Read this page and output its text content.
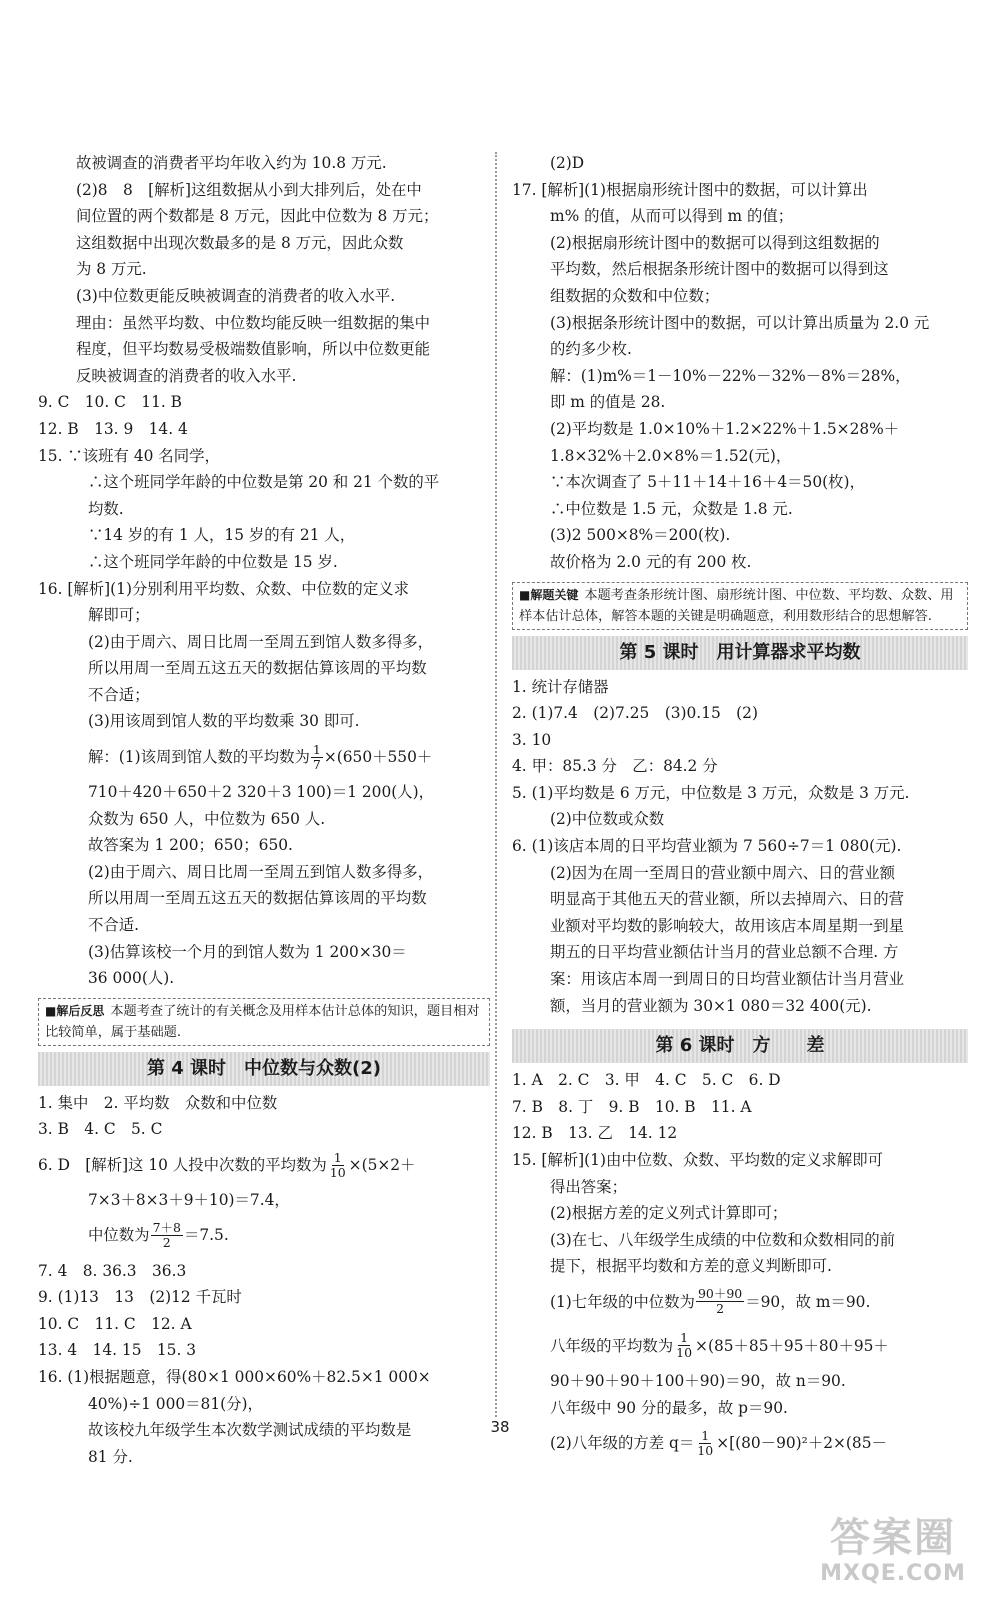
故被调查的消费者平均年收入约为 10.8 万元.
(2)8　8　[解析]这组数据从小到大排列后，处在中
间位置的两个数都是 8 万元，因此中位数为 8 万元；
这组数据中出现次数最多的是 8 万元，因此众数
为 8 万元.
(3)中位数更能反映被调查的消费者的收入水平.
理由：虽然平均数、中位数均能反映一组数据的集中
程度，但平均数易受极端数值影响，所以中位数更能
反映被调查的消费者的收入水平.
9. C　10. C　11. B
12. B　13. 9　14. 4
15. ∵该班有 40 名同学，
∴这个班同学年龄的中位数是第 20 和 21 个数的平
均数.
∵14 岁的有 1 人，15 岁的有 21 人，
∴这个班同学年龄的中位数是 15 岁.
16. [解析](1)分别利用平均数、众数、中位数的定义求
解即可；
(2)由于周六、周日比周一至周五到馆人数多得多，
所以用周一至周五这五天的数据估算该周的平均数
不合适；
(3)用该周到馆人数的平均数乘 30 即可.
解：(1)该周到馆人数的平均数为 $\frac{1}{7} \times(650+550+$
710＋420＋650＋2 320＋3 100)＝1 200(人)，
众数为 650 人，中位数为 650 人.
故答案为 1 200；650；650.
(2)由于周六、周日比周一至周五到馆人数多得多，
所以用周一至周五这五天的数据估算该周的平均数
不合适.
(3)估算该校一个月的到馆人数为 1 200×30＝
36 000(人).
■解后反思 本题考查了统计的有关概念及用样本估计总体的知识，题目相对比较简单，属于基础题.
第 4 课时　中位数与众数(2)
1. 集中　2. 平均数　众数和中位数
3. B　4. C　5. C
6. D　[解析]这 10 人投中次数的平均数为 $\frac{1}{10} \times(5\times 2+$
7×3＋8×3＋9＋10)＝7.4，
中位数为 $\frac{7+8}{2} =7.5$.
7. 4　8. 36.3　36.3
9. (1)13　13　(2)12 千瓦时
10. C　11. C　12. A
13. 4　14. 15　15. 3
16. (1)根据题意，得(80×1 000×60%＋82.5×1 000×
40%)÷1 000＝81(分)，
故该校九年级学生本次数学测试成绩的平均数是
81 分.
(2)D
17. [解析](1)根据扇形统计图中的数据，可以计算出
m% 的值，从而可以得到 m 的值；
(2)根据扇形统计图中的数据可以得到这组数据的
平均数，然后根据条形统计图中的数据可以得到这
组数据的众数和中位数；
(3)根据条形统计图中的数据，可以计算出质量为 2.0 元
的约多少枚.
解：(1)m%＝1－10%－22%－32%－8%＝28%，
即 m 的值是 28.
(2)平均数是 1.0×10%＋1.2×22%＋1.5×28%＋
1.8×32%＋2.0×8%＝1.52(元)，
∵本次调查了 5＋11＋14＋16＋4＝50(枚)，
∴中位数是 1.5 元，众数是 1.8 元.
(3)2 500×8%＝200(枚).
故价格为 2.0 元的有 200 枚.
■解题关键 本题考查条形统计图、扇形统计图、中位数、平均数、众数、用样本估计总体，解答本题的关键是明确题意，利用数形结合的思想解答.
第 5 课时　用计算器求平均数
1. 统计存储器
2. (1)7.4　(2)7.25　(3)0.15　(2)
3. 10
4. 甲：85.3 分　乙：84.2 分
5. (1)平均数是 6 万元，中位数是 3 万元，众数是 3 万元.
(2)中位数或众数
6. (1)该店本周的日平均营业额为 7 560÷7＝1 080(元).
(2)因为在周一至周日的营业额中周六、日的营业额
明显高于其他五天的营业额，所以去掉周六、日的营
业额对平均数的影响较大，故用该店本周星期一到星
期五的日平均营业额估计当月的营业总额不合理. 方
案：用该店本周一到周日的日均营业额估计当月营业
额，当月的营业额为 30×1 080＝32 400(元).
第 6 课时　方　　差
1. A　2. C　3. 甲　4. C　5. C　6. D
7. B　8. 丁　9. B　10. B　11. A
12. B　13. 乙　14. 12
15. [解析](1)由中位数、众数、平均数的定义求解即可
得出答案；
(2)根据方差的定义列式计算即可；
(3)在七、八年级学生成绩的中位数和众数相同的前
提下，根据平均数和方差的意义判断即可.
(1)七年级的中位数为 $\frac{90+90}{2} =90$，故 m＝90.
八年级的平均数为 $\frac{1}{10} \times(85+85+95+80+95+$
90＋90＋90＋100＋90)＝90，故 n＝90.
八年级中 90 分的最多，故 p＝90.
(2)八年级的方差 $q= \frac{1}{10} \times[(80-90)^2+2\times(85-$
38
答案圈
MXQE.COM
